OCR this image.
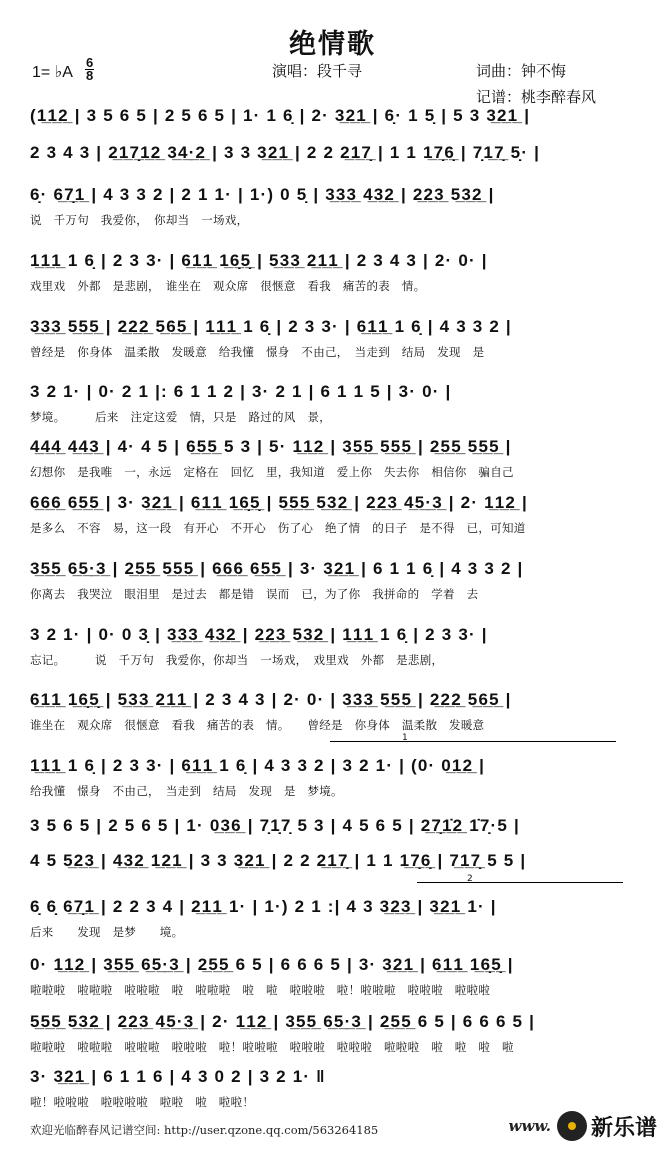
绝情歌
1= ♭A
6
8	演唱：段千寻	词曲：钟不悔
记谱：桃李醉春风
(1̲1̲2̲ | 3 5 6 5 | 2 5 6 5 | 1· 1 6̣ | 2· 3̲2̲1̲ | 6̣· 1 5̣ | 5 3 3̲2̲1̲ |
2 3 4 3 | 2̲1̲7̣̲1̲2̲ 3̲4̲·̲2̲ | 3 3 3̲2̲1̲ | 2 2 2̲1̲7̣̲ | 1 1 1̲7̣̲6̣̲ | 7̣1̲7̣̲ 5̣· |
6̣· 6̲7̣̲1̲ | 4 3 3 2 | 2 1 1· | 1·) 0 5̣ | 3̲3̲3̲ 4̲3̲2̲ | 2̲2̲3̲ 5̲3̲2̲ |
说　千万句　我爱你，　你却当　一场戏，
1̲1̲1̲ 1 6̣ | 2 3 3· | 6̲1̲1̲ 1̲6̣̲5̣̲ | 5̲3̲3̲ 2̲1̲1̲ | 2 3 4 3 | 2· 0· |
戏里戏　外都　是悲剧，　谁坐在　观众席　很惬意　看我　痛苦的表　情。
3̲3̲3̲ 5̲5̲5̲ | 2̲2̲2̲ 5̲6̲5̲ | 1̲1̲1̲ 1 6̣ | 2 3 3· | 6̲1̲1̲ 1 6̣ | 4 3 3 2 |
曾经是　你身体　温柔散　发暖意　给我懂　憬身　不由己，　当走到　结局　发现　是
3 2 1· | 0· 2 1 |: 6 1 1 2 | 3· 2 1 | 6 1 1 5 | 3· 0· |
梦境。　　　后来　注定这爱　情，只是　路过的风　景，
4̲4̲4̲ 4̲4̲3̲ | 4· 4 5 | 6̲5̲5̲ 5 3 | 5· 1̲1̲2̲ | 3̲5̲5̲ 5̲5̲5̲ | 2̲5̲5̲ 5̲5̲5̲ |
幻想你　是我唯　一，永远　定格在　回忆　里，我知道　爱上你　失去你　相信你　骗自己
6̲6̲6̲ 6̲5̲5̲ | 3· 3̲2̲1̲ | 6̲1̲1̲ 1̲6̣̲5̣̲ | 5̲5̲5̲ 5̲3̲2̲ | 2̲2̲3̲ 4̲5̲·̲3̲ | 2· 1̲1̲2̲ |
是多么　不容　易，这一段　有开心　不开心　伤了心　绝了情　的日子　是不得　已，可知道
3̲5̲5̲ 6̲5̲·̲3̲ | 2̲5̲5̲ 5̲5̲5̲ | 6̲6̲6̲ 6̲5̲5̲ | 3· 3̲2̲1̲ | 6 1 1 6̣ | 4 3 3 2 |
你离去　我哭泣　眼泪里　是过去　都是错　误而　已，为了你　我拼命的　学着　去
3 2 1· | 0· 0 3̣ | 3̲3̲3̲ 4̲3̲2̲ | 2̲2̲3̲ 5̲3̲2̲ | 1̲1̲1̲ 1 6̣ | 2 3 3· |
忘记。　　　说　千万句　我爱你，你却当　一场戏，　戏里戏　外都　是悲剧，
6̲1̲1̲ 1̲6̣̲5̣̲ | 5̲3̲3̲ 2̲1̲1̲ | 2 3 4 3 | 2· 0· | 3̲3̲3̲ 5̲5̲5̲ | 2̲2̲2̲ 5̲6̲5̲ |
谁坐在　观众席　很惬意　看我　痛苦的表　情。　　曾经是　你身体　温柔散　发暖意
1̲1̲1̲ 1 6̣ | 2 3 3· | 6̲1̲1̲ 1 6̣ | 4 3 3 2 | 3 2 1· | (0· 0̲1̲2̲ |
给我懂　憬身　不由己，　当走到　结局　发现　是　梦境。
3 5 6 5 | 2 5 6 5 | 1· 0̲3̲6̲ | 7̣1̣7̣ 5 3 | 4 5 6 5 | 2̲7̣̲1̲̇2̲ 1̇7̣·5 |
4 5 5̲2̲3̲ | 4̲3̲2̲ 1̲2̲1̲ | 3 3 3̲2̲1̲ | 2 2 2̲1̲7̣̲ | 1 1 1̲7̣̲6̣̲ | 7̲1̲7̣̲ 5 5 |
6̣ 6̣ 6̲7̣̲1̲ | 2 2 3 4 | 2̲1̲1̲ 1· | 1·) 2 1 :| 4 3 3̲2̲3̲ | 3̲2̲1̲ 1· |
后来　　发现　是梦　　境。
0· 1̲1̲2̲ | 3̲5̲5̲ 6̲5̲·̲3̲ | 2̲5̲5̲ 6 5 | 6 6 6 5 | 3· 3̲2̲1̲ | 6̲1̲1̲ 1̲6̣̲5̣̲ |
啦啦啦　啦啦啦　啦啦啦　啦　啦啦啦　啦　啦　啦啦啦　啦！啦啦啦　啦啦啦　啦啦啦
5̲5̲5̲ 5̲3̲2̲ | 2̲2̲3̲ 4̲5̲·̲3̲ | 2· 1̲1̲2̲ | 3̲5̲5̲ 6̲5̲·̲3̲ | 2̲5̲5̲ 6 5 | 6 6 6 5 |
啦啦啦　啦啦啦　啦啦啦　啦啦啦　啦！啦啦啦　啦啦啦　啦啦啦　啦啦啦　啦　啦　啦　啦
3· 3̲2̲1̲ | 6 1 1 6 | 4 3 0 2 | 3 2 1· ‖
啦！啦啦啦　啦啦啦啦　啦啦　啦　啦啦！
1
2
欢迎光临醉春风记谱空间: http://user.qzone.qq.com/563264185	www. 新乐谱
